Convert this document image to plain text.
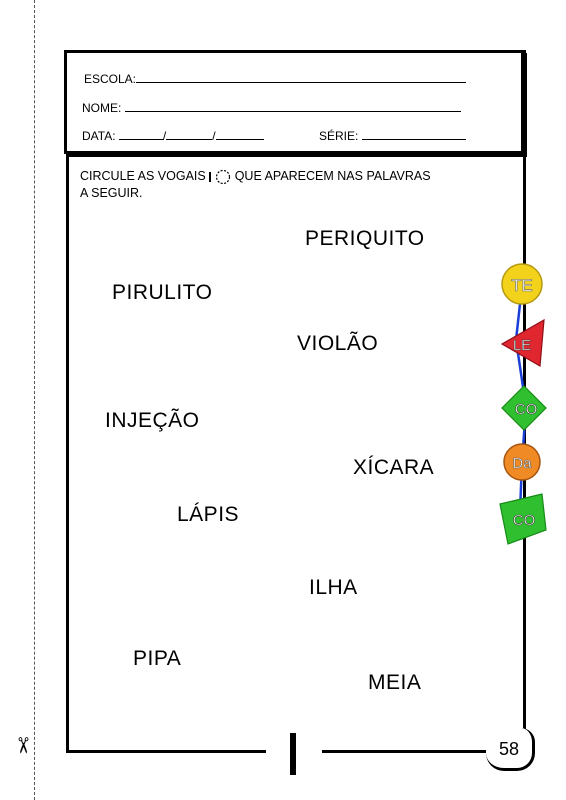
✂	58
ESCOLA:
NOME:
DATA:	/	/	SÉRIE:
CIRCULE AS VOGAIS QUE APARECEM NAS PALAVRAS
A SEGUIR.
PERIQUITO
PIRULITO
VIOLÃO
INJEÇÃO
XÍCARA
LÁPIS
ILHA
PIPA
MEIA
TE
LE
CO
Da
CO
